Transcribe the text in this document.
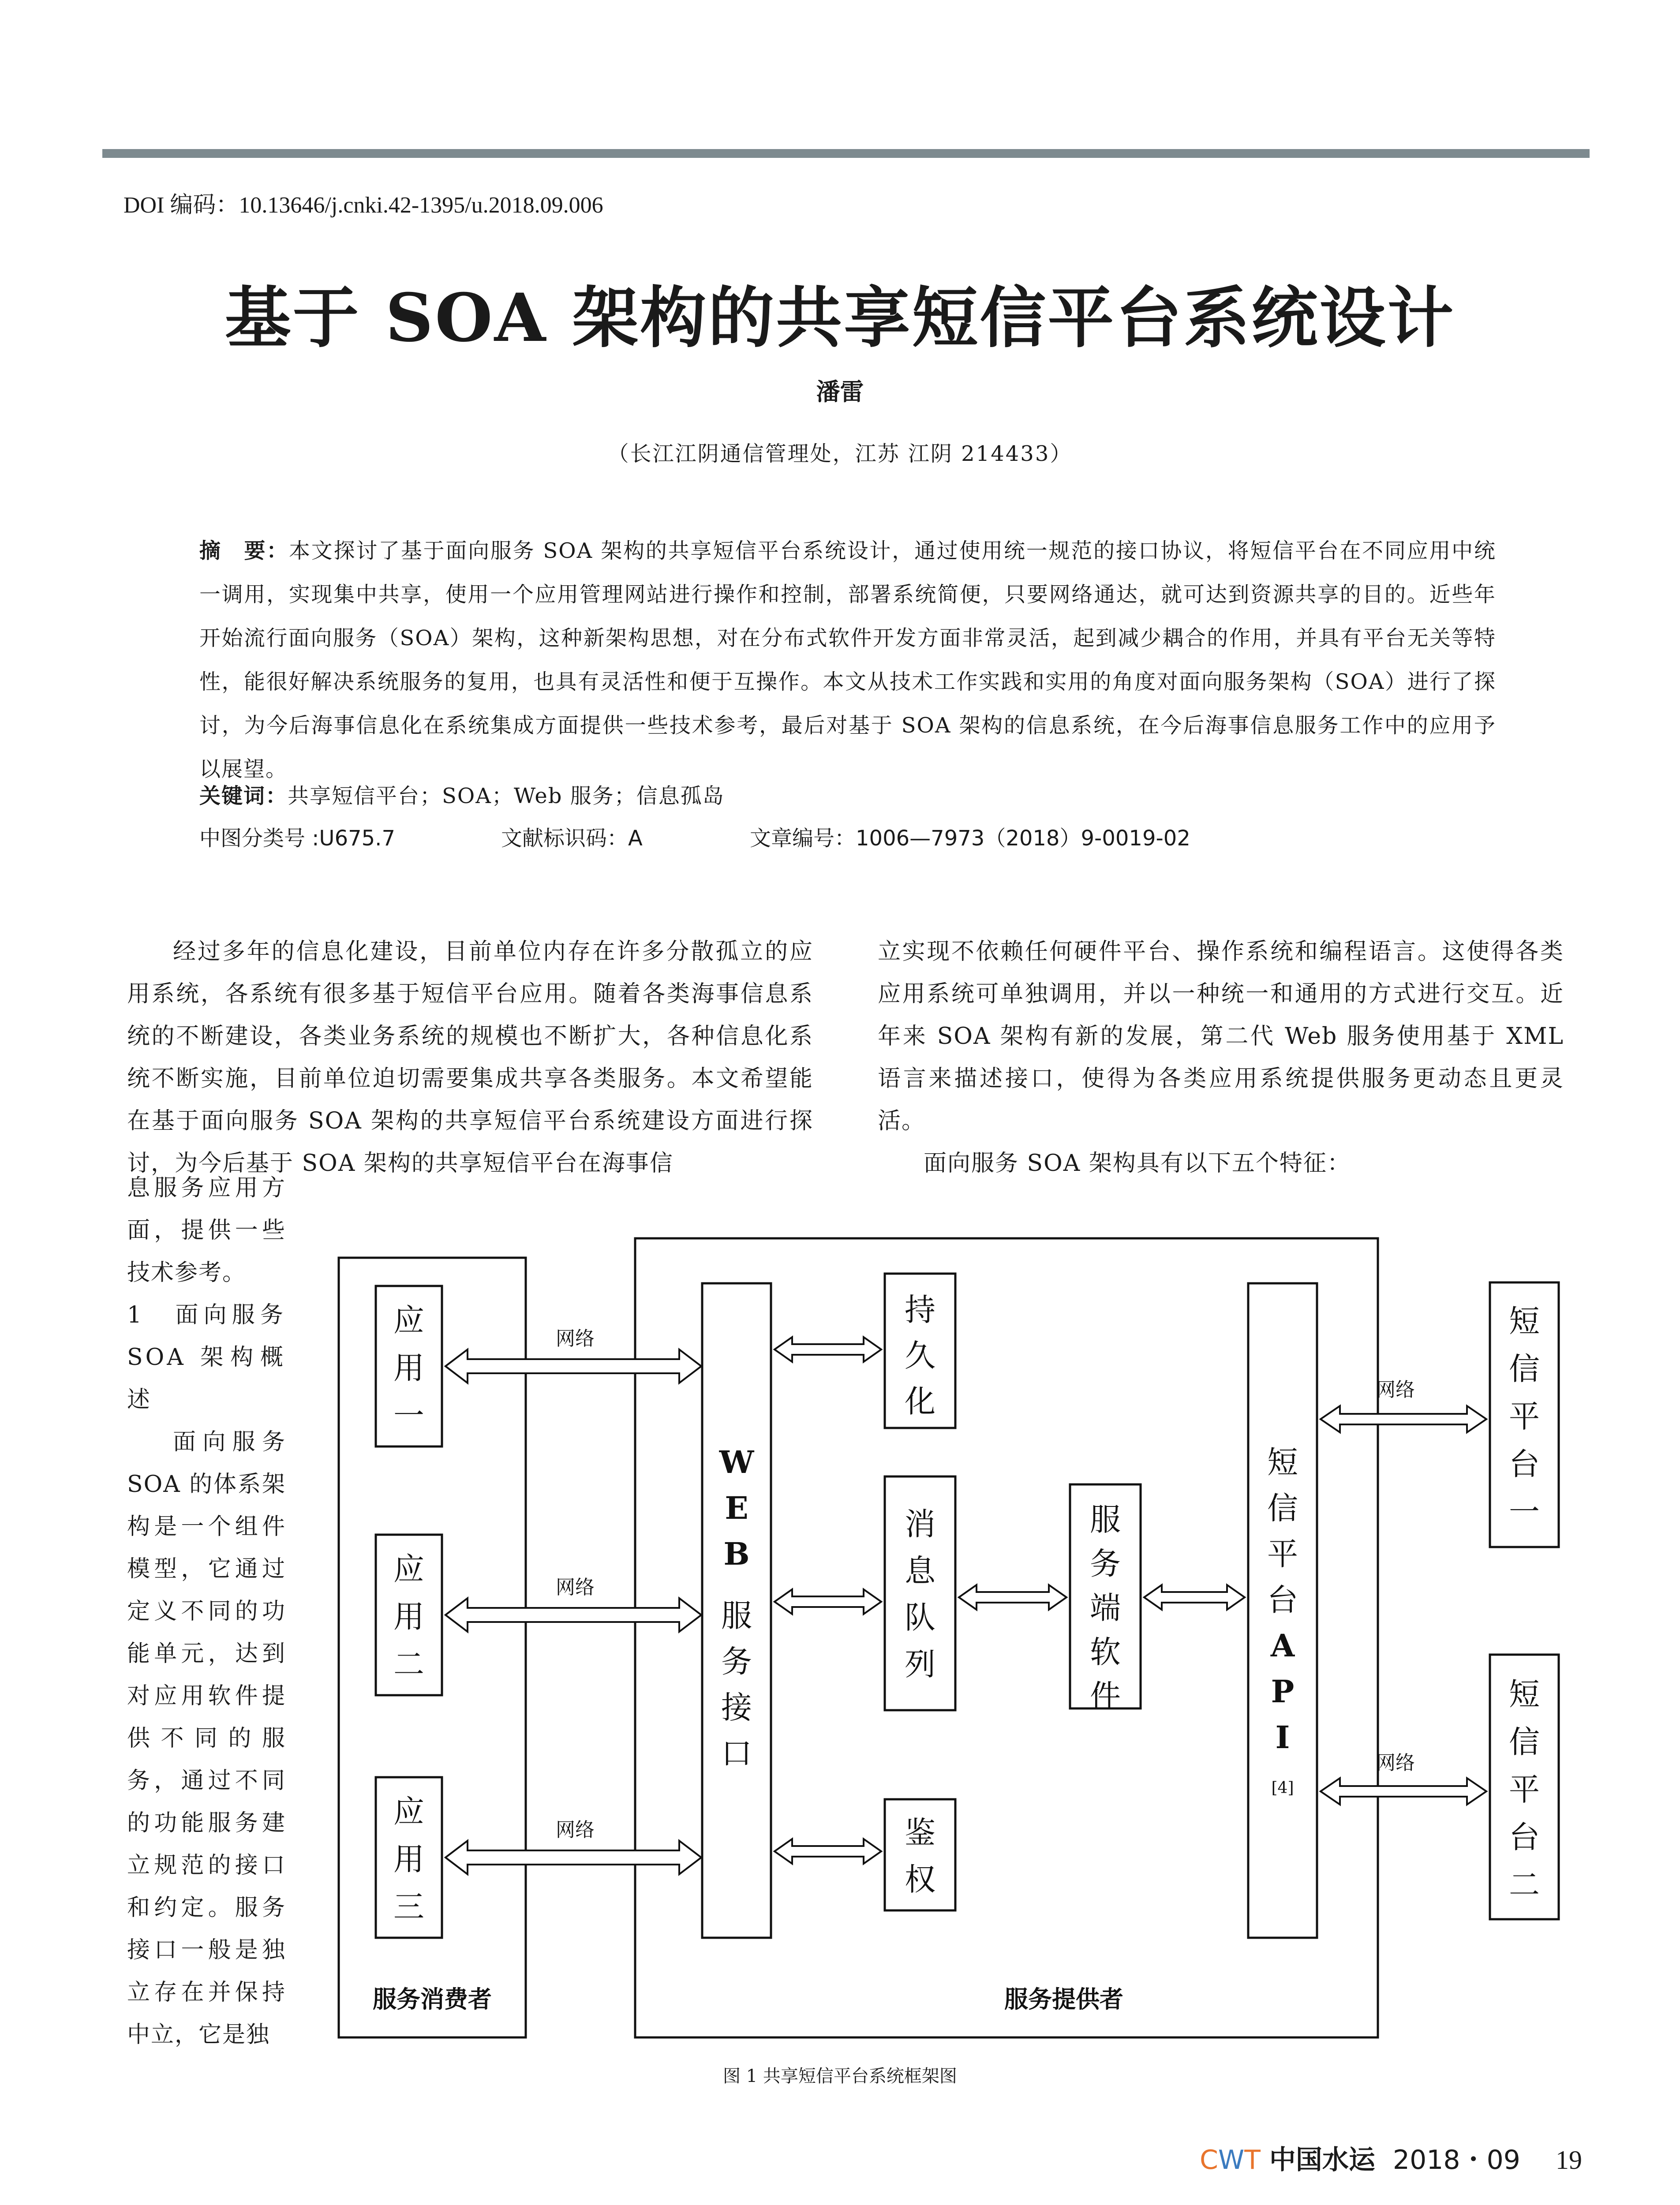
DOI 编码：10.13646/j.cnki.42-1395/u.2018.09.006
基于 SOA 架构的共享短信平台系统设计
潘雷
（长江江阴通信管理处，江苏 江阴 214433）
摘　要：本文探讨了基于面向服务 SOA 架构的共享短信平台系统设计，通过使用统一规范的接口协议，将短信平台在不同应用中统一调用，实现集中共享，使用一个应用管理网站进行操作和控制，部署系统简便，只要网络通达，就可达到资源共享的目的。近些年开始流行面向服务（SOA）架构，这种新架构思想，对在分布式软件开发方面非常灵活，起到减少耦合的作用，并具有平台无关等特性，能很好解决系统服务的复用，也具有灵活性和便于互操作。本文从技术工作实践和实用的角度对面向服务架构（SOA）进行了探讨，为今后海事信息化在系统集成方面提供一些技术参考，最后对基于 SOA 架构的信息系统，在今后海事信息服务工作中的应用予以展望。
关键词：共享短信平台；SOA；Web 服务；信息孤岛
中图分类号 :U675.7	文献标识码：A	文章编号：1006—7973（2018）9-0019-02

经过多年的信息化建设，目前单位内存在许多分散孤立的应用系统，各系统有很多基于短信平台应用。随着各类海事信息系统的不断建设，各类业务系统的规模也不断扩大，各种信息化系统不断实施，目前单位迫切需要集成共享各类服务。本文希望能在基于面向服务 SOA 架构的共享短信平台系统建设方面进行探讨，为今后基于 SOA 架构的共享短信平台在海事信

息服务应用方面，提供一些技术参考。

1　面向服务 SOA 架构概述

面向服务 SOA 的体系架构是一个组件模型，它通过定义不同的功能单元，达到对应用软件提供不同的服务，通过不同的功能服务建立规范的接口和约定。服务接口一般是独立存在并保持中立，它是独

立实现不依赖任何硬件平台、操作系统和编程语言。这使得各类应用系统可单独调用，并以一种统一和通用的方式进行交互。近年来 SOA 架构有新的发展，第二代 Web 服务使用基于 XML 语言来描述接口，使得为各类应用系统提供服务更动态且更灵活。

面向服务 SOA 架构具有以下五个特征：

网络
网络
网络
网络
网络
应
用
一
应
用
二
应
用
三
W
E
B
服
务
接
口
持
久
化
消
息
队
列
鉴
权
服
务
端
软
件
短
信
平
台
A
P
I
短
信
平
台
一
短
信
平
台
二
服务消费者	服务提供者
[4]
图 1 共享短信平台系统框架图
CWT 中国水运 2018・09 19
